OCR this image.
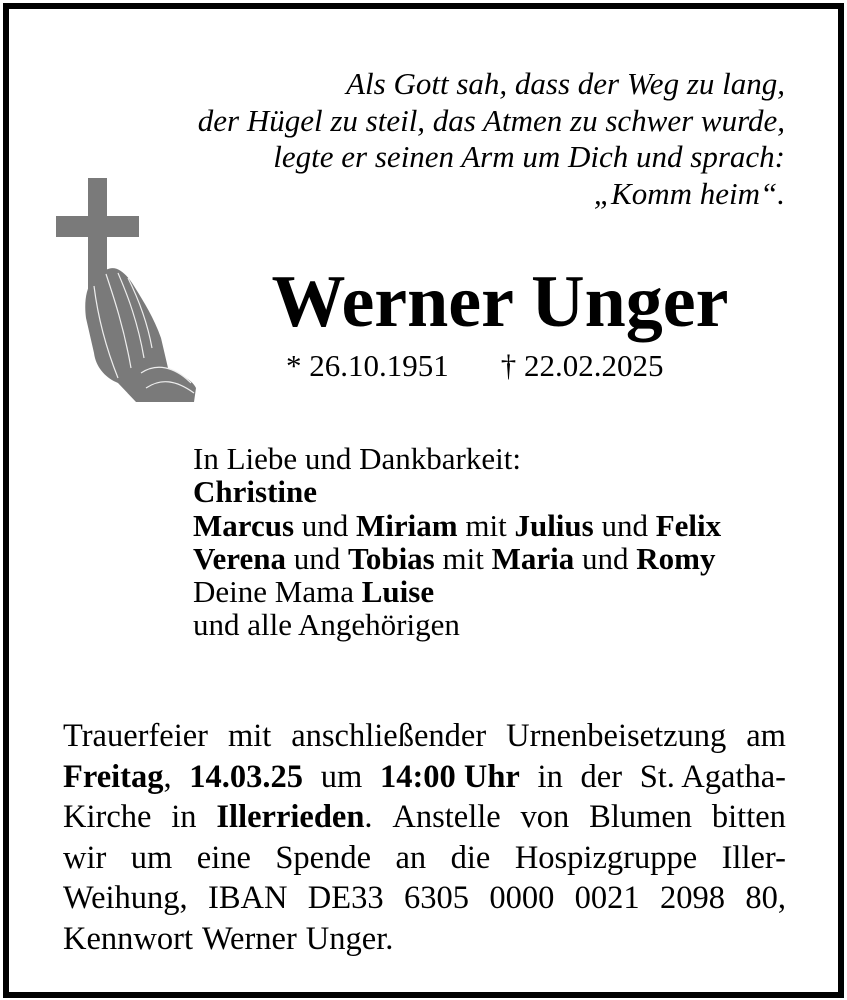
Als Gott sah, dass der Weg zu lang,
der Hügel zu steil, das Atmen zu schwer wurde,
legte er seinen Arm um Dich und sprach:
„Komm heim“.
Werner Unger
* 26.10.1951 † 22.02.2025
In Liebe und Dankbarkeit:
Christine
Marcus und Miriam mit Julius und Felix
Verena und Tobias mit Maria und Romy
Deine Mama Luise
und alle Angehörigen
Trauerfeier mit anschließender Urnenbeisetzung am
Freitag, 14.03.25 um 14:00 Uhr in der St. Agatha-
Kirche in Illerrieden. Anstelle von Blumen bitten
wir um eine Spende an die Hospizgruppe Iller-
Weihung, IBAN DE33 6305 0000 0021 2098 80,
Kennwort Werner Unger.
